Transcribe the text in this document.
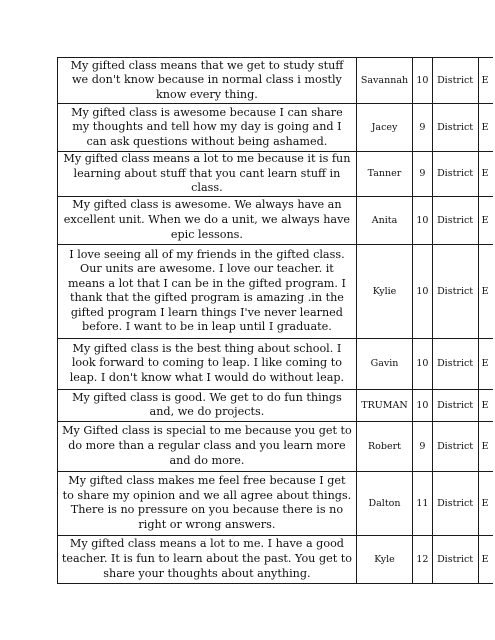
My gifted class means that we get to study stuff we don't know because in normal class i mostly know every thing.	Savannah	10	District	E
My gifted class is awesome because I can share my thoughts and tell how my day is going and I can ask questions without being ashamed.	Jacey	9	District	E
My gifted class means a lot to me because it is fun learning about stuff that you cant learn stuff in class.	Tanner	9	District	E
My gifted class is awesome. We always have an excellent unit. When we do a unit, we always have epic lessons.	Anita	10	District	E
I love seeing all of my friends in the gifted class. Our units are awesome. I love our teacher. it means a lot that I can be in the gifted program. I thank that the gifted program is amazing .in the gifted program I learn things I've never learned before. I want to be in leap until I graduate.	Kylie	10	District	E
My gifted class is the best thing about school. I look forward to coming to leap. I like coming to leap. I don't know what I would do without leap.	Gavin	10	District	E
My gifted class is good. We get to do fun things and, we do projects.	TRUMAN	10	District	E
My Gifted class is special to me because you get to do more than a regular class and you learn more and do more.	Robert	9	District	E
My gifted class makes me feel free because I get to share my opinion and we all agree about things. There is no pressure on you because there is no right or wrong answers.	Dalton	11	District	E
My gifted class means a lot to me. I have a good teacher. It is fun to learn about the past. You get to share your thoughts about anything.	Kyle	12	District	E
